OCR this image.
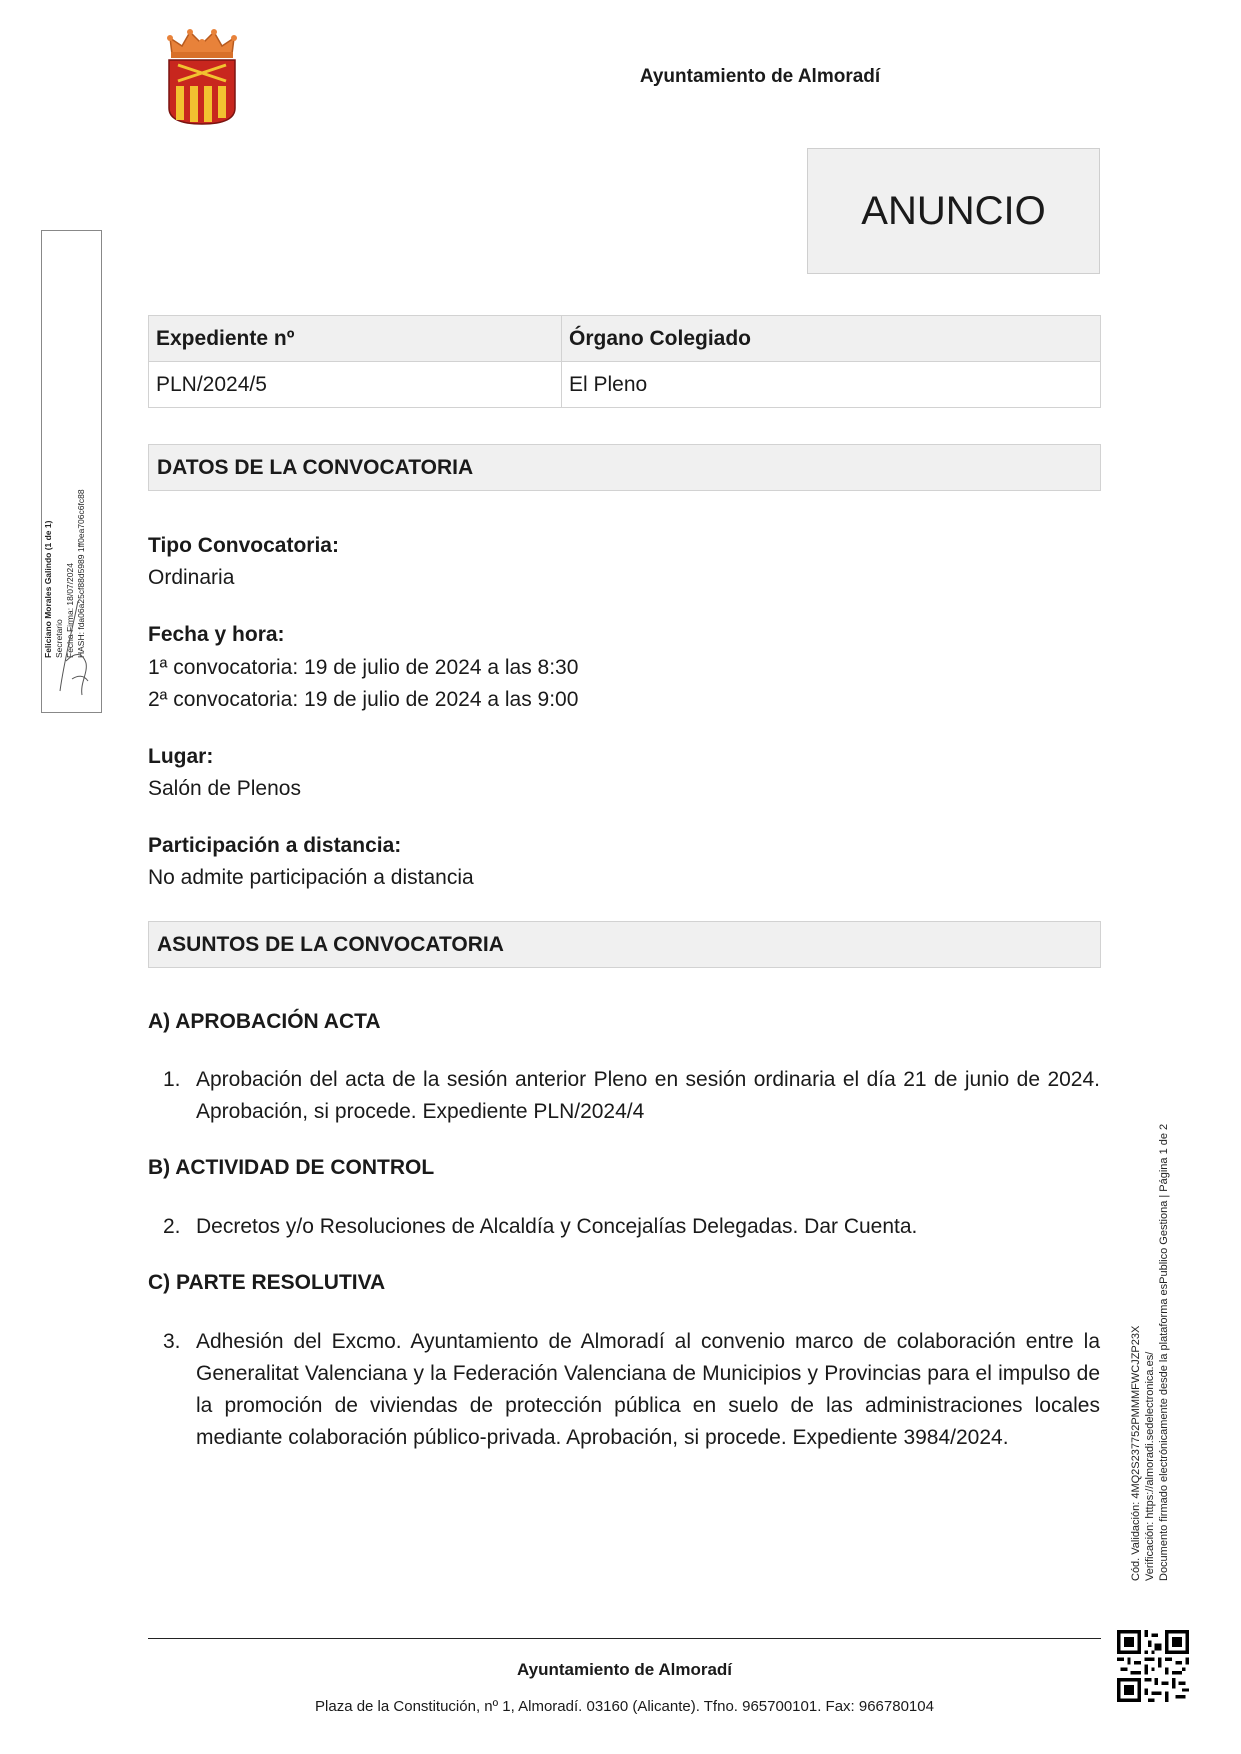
Ayuntamiento de Almoradí
ANUNCIO
Expediente nº	Órgano Colegiado
PLN/2024/5	El Pleno
DATOS DE LA CONVOCATORIA
Tipo Convocatoria:
Ordinaria
Fecha y hora:
1ª convocatoria: 19 de julio de 2024 a las 8:30
2ª convocatoria: 19 de julio de 2024 a las 9:00
Lugar:
Salón de Plenos
Participación a distancia:
No admite participación a distancia
ASUNTOS DE LA CONVOCATORIA
A) APROBACIÓN ACTA
1. Aprobación del acta de la sesión anterior Pleno en sesión ordinaria el día 21 de junio de 2024. Aprobación, si procede. Expediente PLN/2024/4
B) ACTIVIDAD DE CONTROL
2. Decretos y/o Resoluciones de Alcaldía y Concejalías Delegadas. Dar Cuenta.
C) PARTE RESOLUTIVA
3. Adhesión del Excmo. Ayuntamiento de Almoradí al convenio marco de colaboración entre la Generalitat Valenciana y la Federación Valenciana de Municipios y Provincias para el impulso de la promoción de viviendas de protección pública en suelo de las administraciones locales mediante colaboración público-privada. Aprobación, si procede. Expediente 3984/2024.
Feliciano Morales Galindo (1 de 1) Secretario Fecha Firma: 18/07/2024 HASH: fda06a25cf88d5989 1ff0ea706c6fc88
Cód. Validación: 4MQ2S237752PMMMFWCJZP23X Verificación: https://almoradi.sedelectronica.es/ Documento firmado electrónicamente desde la plataforma esPublico Gestiona | Página 1 de 2
Ayuntamiento de Almoradí
Plaza de la Constitución, nº 1, Almoradí. 03160 (Alicante). Tfno. 965700101. Fax: 966780104
